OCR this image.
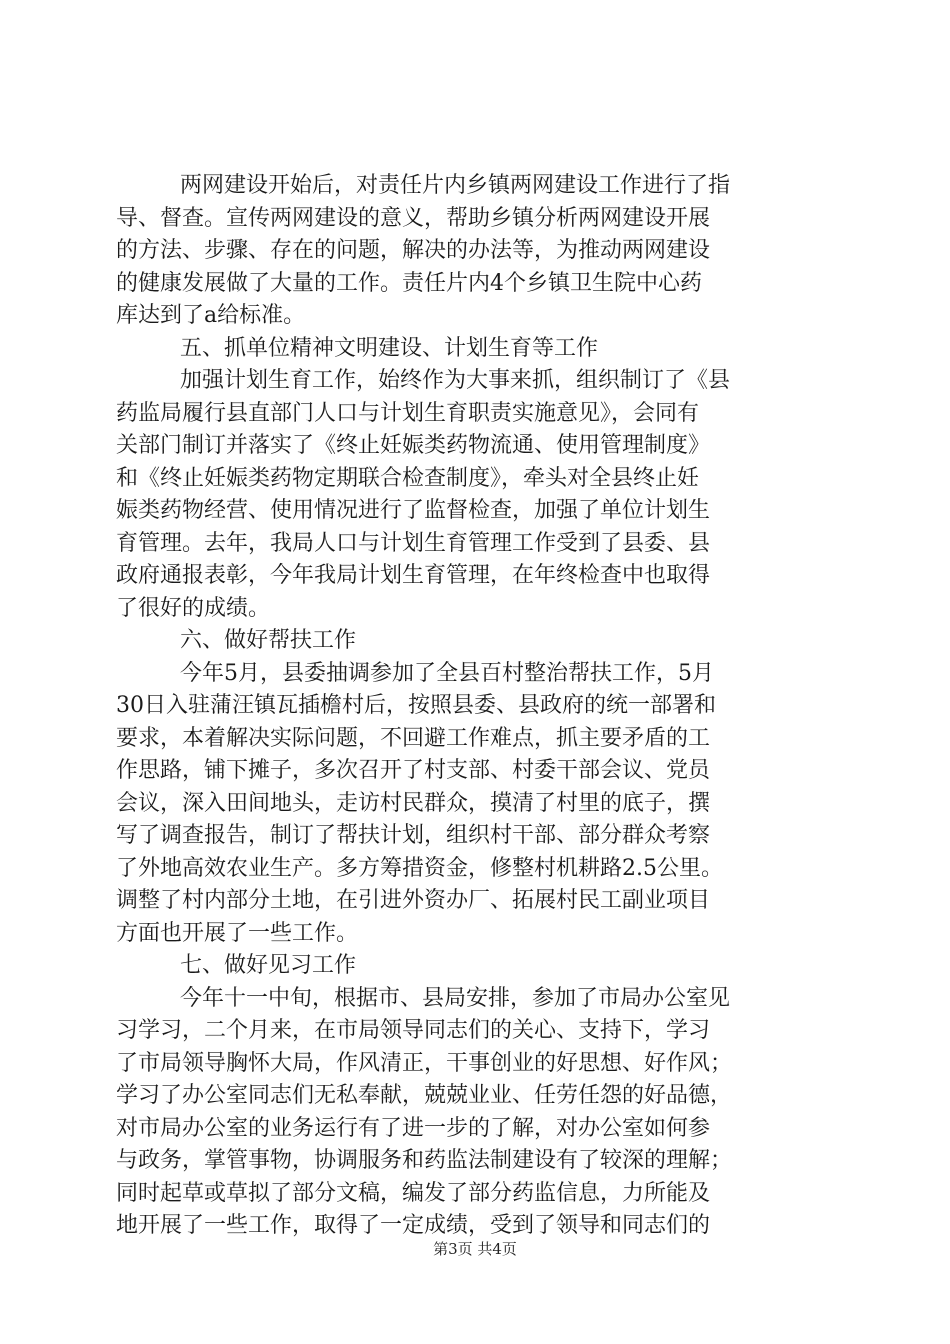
两网建设开始后，对责任片内乡镇两网建设工作进行了指
导、督查。宣传两网建设的意义，帮助乡镇分析两网建设开展
的方法、步骤、存在的问题，解决的办法等，为推动两网建设
的健康发展做了大量的工作。责任片内4个乡镇卫生院中心药
库达到了a给标准。
五、抓单位精神文明建设、计划生育等工作
加强计划生育工作，始终作为大事来抓，组织制订了《县
药监局履行县直部门人口与计划生育职责实施意见》，会同有
关部门制订并落实了《终止妊娠类药物流通、使用管理制度》
和《终止妊娠类药物定期联合检查制度》，牵头对全县终止妊
娠类药物经营、使用情况进行了监督检查，加强了单位计划生
育管理。去年，我局人口与计划生育管理工作受到了县委、县
政府通报表彰，今年我局计划生育管理，在年终检查中也取得
了很好的成绩。
六、做好帮扶工作
今年5月，县委抽调参加了全县百村整治帮扶工作，5月
30日入驻蒲汪镇瓦插檐村后，按照县委、县政府的统一部署和
要求，本着解决实际问题，不回避工作难点，抓主要矛盾的工
作思路，铺下摊子，多次召开了村支部、村委干部会议、党员
会议，深入田间地头，走访村民群众，摸清了村里的底子，撰
写了调查报告，制订了帮扶计划，组织村干部、部分群众考察
了外地高效农业生产。多方筹措资金，修整村机耕路2.5公里。
调整了村内部分土地，在引进外资办厂、拓展村民工副业项目
方面也开展了一些工作。
七、做好见习工作
今年十一中旬，根据市、县局安排，参加了市局办公室见
习学习，二个月来，在市局领导同志们的关心、支持下，学习
了市局领导胸怀大局，作风清正，干事创业的好思想、好作风；
学习了办公室同志们无私奉献，兢兢业业、任劳任怨的好品德，
对市局办公室的业务运行有了进一步的了解，对办公室如何参
与政务，掌管事物，协调服务和药监法制建设有了较深的理解；
同时起草或草拟了部分文稿，编发了部分药监信息，力所能及
地开展了一些工作，取得了一定成绩，受到了领导和同志们的
第3页 共4页
